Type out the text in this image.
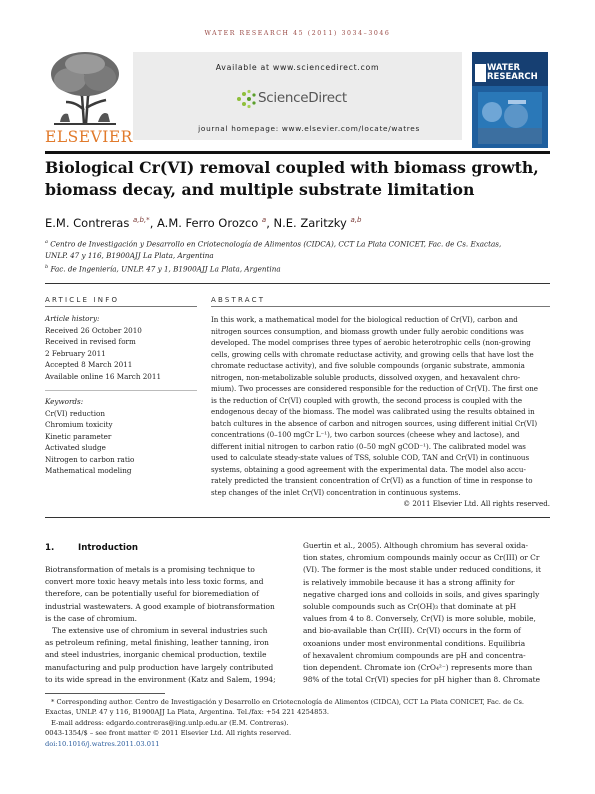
WATER RESEARCH 45 (2011) 3034–3046
ELSEVIER
Available at www.sciencedirect.com
ScienceDirect
journal homepage: www.elsevier.com/locate/watres
WATER
RESEARCH
Biological Cr(VI) removal coupled with biomass growth,
biomass decay, and multiple substrate limitation
E.M. Contreras $^{a,b,*}$, A.M. Ferro Orozco $^a$, N.E. Zaritzky $^{a,b}$
$^a$ Centro de Investigación y Desarrollo en Criotecnología de Alimentos (CIDCA), CCT La Plata CONICET, Fac. de Cs. Exactas,
UNLP. 47 y 116, B1900AJJ La Plata, Argentina
$^b$ Fac. de Ingeniería, UNLP. 47 y 1, B1900AJJ La Plata, Argentina
ARTICLE INFO	ABSTRACT
Article history:
Received 26 October 2010
Received in revised form
2 February 2011
Accepted 8 March 2011
Available online 16 March 2011
Keywords:
Cr(VI) reduction
Chromium toxicity
Kinetic parameter
Activated sludge
Nitrogen to carbon ratio
Mathematical modeling
In this work, a mathematical model for the biological reduction of Cr(VI), carbon and
nitrogen sources consumption, and biomass growth under fully aerobic conditions was
developed. The model comprises three types of aerobic heterotrophic cells (non-growing
cells, growing cells with chromate reductase activity, and growing cells that have lost the
chromate reductase activity), and five soluble compounds (organic substrate, ammonia
nitrogen, non-metabolizable soluble products, dissolved oxygen, and hexavalent chro-
mium). Two processes are considered responsible for the reduction of Cr(VI). The first one
is the reduction of Cr(VI) coupled with growth, the second process is coupled with the
endogenous decay of the biomass. The model was calibrated using the results obtained in
batch cultures in the absence of carbon and nitrogen sources, using different initial Cr(VI)
concentrations (0–100 mgCr L⁻¹), two carbon sources (cheese whey and lactose), and
different initial nitrogen to carbon ratio (0–50 mgN gCOD⁻¹). The calibrated model was
used to calculate steady-state values of TSS, soluble COD, TAN and Cr(VI) in continuous
systems, obtaining a good agreement with the experimental data. The model also accu-
rately predicted the transient concentration of Cr(VI) as a function of time in response to
step changes of the inlet Cr(VI) concentration in continuous systems.
© 2011 Elsevier Ltd. All rights reserved.
1.	Introduction
Biotransformation of metals is a promising technique to
convert more toxic heavy metals into less toxic forms, and
therefore, can be potentially useful for bioremediation of
industrial wastewaters. A good example of biotransformation
is the case of chromium.
The extensive use of chromium in several industries such
as petroleum refining, metal finishing, leather tanning, iron
and steel industries, inorganic chemical production, textile
manufacturing and pulp production have largely contributed
to its wide spread in the environment (Katz and Salem, 1994;
Guertin et al., 2005). Although chromium has several oxida-
tion states, chromium compounds mainly occur as Cr(III) or Cr
(VI). The former is the most stable under reduced conditions, it
is relatively immobile because it has a strong affinity for
negative charged ions and colloids in soils, and gives sparingly
soluble compounds such as Cr(OH)₃ that dominate at pH
values from 4 to 8. Conversely, Cr(VI) is more soluble, mobile,
and bio-available than Cr(III). Cr(VI) occurs in the form of
oxoanions under most environmental conditions. Equilibria
of hexavalent chromium compounds are pH and concentra-
tion dependent. Chromate ion (CrO₄²⁻) represents more than
98% of the total Cr(VI) species for pH higher than 8. Chromate
* Corresponding author. Centro de Investigación y Desarrollo en Criotecnología de Alimentos (CIDCA), CCT La Plata CONICET, Fac. de Cs.
Exactas, UNLP. 47 y 116, B1900AJJ La Plata, Argentina. Tel./fax: +54 221 4254853.
E-mail address: edgardo.contreras@ing.unlp.edu.ar (E.M. Contreras).
0043-1354/$ – see front matter © 2011 Elsevier Ltd. All rights reserved.
doi:10.1016/j.watres.2011.03.011
